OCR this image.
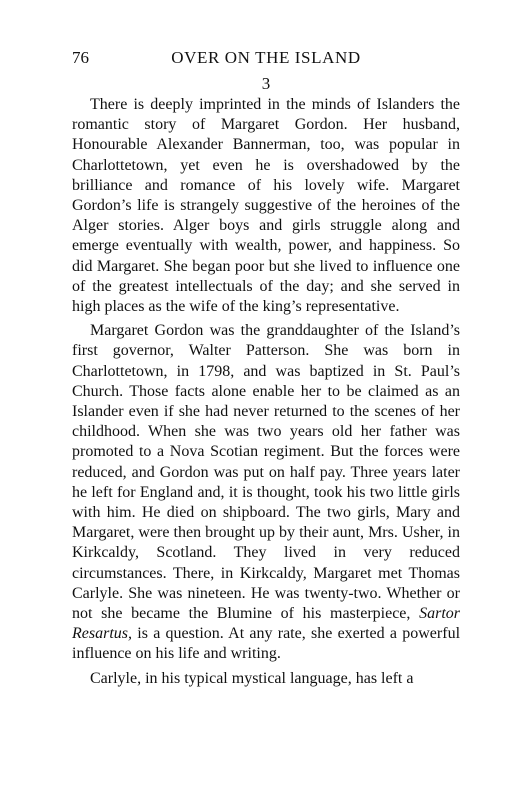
76	OVER ON THE ISLAND
3

There is deeply imprinted in the minds of Islanders the romantic story of Margaret Gordon. Her husband, Honourable Alexander Bannerman, too, was popular in Charlottetown, yet even he is overshadowed by the brilliance and romance of his lovely wife. Margaret Gordon’s life is strangely suggestive of the heroines of the Alger stories. Alger boys and girls struggle along and emerge eventually with wealth, power, and happiness. So did Margaret. She began poor but she lived to influence one of the greatest intellectuals of the day; and she served in high places as the wife of the king’s representative.

Margaret Gordon was the granddaughter of the Island’s first governor, Walter Patterson. She was born in Charlottetown, in 1798, and was baptized in St. Paul’s Church. Those facts alone enable her to be claimed as an Islander even if she had never returned to the scenes of her childhood. When she was two years old her father was promoted to a Nova Scotian regiment. But the forces were reduced, and Gordon was put on half pay. Three years later he left for England and, it is thought, took his two little girls with him. He died on shipboard. The two girls, Mary and Margaret, were then brought up by their aunt, Mrs. Usher, in Kirkcaldy, Scotland. They lived in very reduced circumstances. There, in Kirkcaldy, Margaret met Thomas Carlyle. She was nineteen. He was twenty-two. Whether or not she became the Blumine of his masterpiece, Sartor Resartus, is a question. At any rate, she exerted a powerful influence on his life and writing.

Carlyle, in his typical mystical language, has left a
